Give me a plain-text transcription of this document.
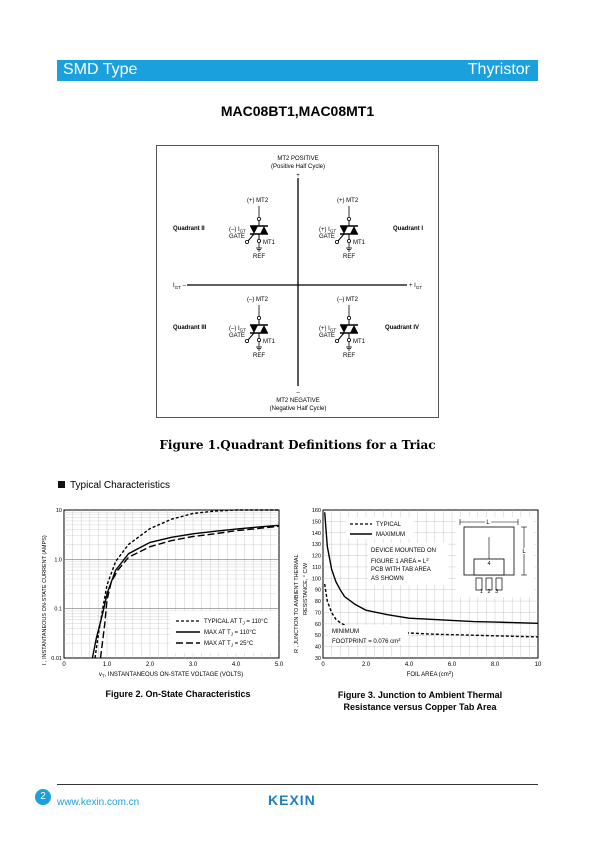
SMD Type	Thyristor
MAC08BT1,MAC08MT1
MT2 POSITIVE
(Positive Half Cycle)
+
–
MT2 NEGATIVE
(Negative Half Cycle)
$I_{GT}$ –	+ $I_{GT}$
Quadrant II
(+) MT2
(–) $I_{GT}$
GATE
MT1
REF
Quadrant I
(+) MT2
(+) $I_{GT}$
GATE
MT1
REF
Quadrant III
(–) MT2
(–) $I_{GT}$
GATE
MT1
REF
Quadrant IV
(–) MT2
(+) $I_{GT}$
GATE
MT1
REF
Figure 1.Quadrant Definitions for a Triac
Typical Characteristics
0	1.0	2.0	3.0	4.0	5.0
0.01
0.1
1.0
10
TYPICAL AT $T_J = 110^\circ C$
MAX AT $T_J = 110^\circ C$
MAX AT $T_J = 25^\circ C$
$v_T$, INSTANTANEOUS ON-STATE VOLTAGE (VOLTS)
I , INSTANTANEOUS ON-STATE CURRENT (AMPS)	0	2.0	4.0	6.0	8.0	10
30
40
50
60
70
80
90
100
110
120
130
140
150
160
TYPICAL
MAXIMUM
DEVICE MOUNTED ON
FIGURE 1 AREA = $L^2$
PCB WITH TAB AREA
AS SHOWN
L
L
4
1   2   3
MINIMUM
FOOTPRINT = 0.076 $cm^2$
FOIL AREA $(cm^2)$
R , JUNCTION TO AMBIENT THERMAL RESISTANCE, ° C/W
Figure 2. On-State Characteristics	Figure 3. Junction to Ambient Thermal
Resistance versus Copper Tab Area
2
www.kexin.com.cn	KEXIN
